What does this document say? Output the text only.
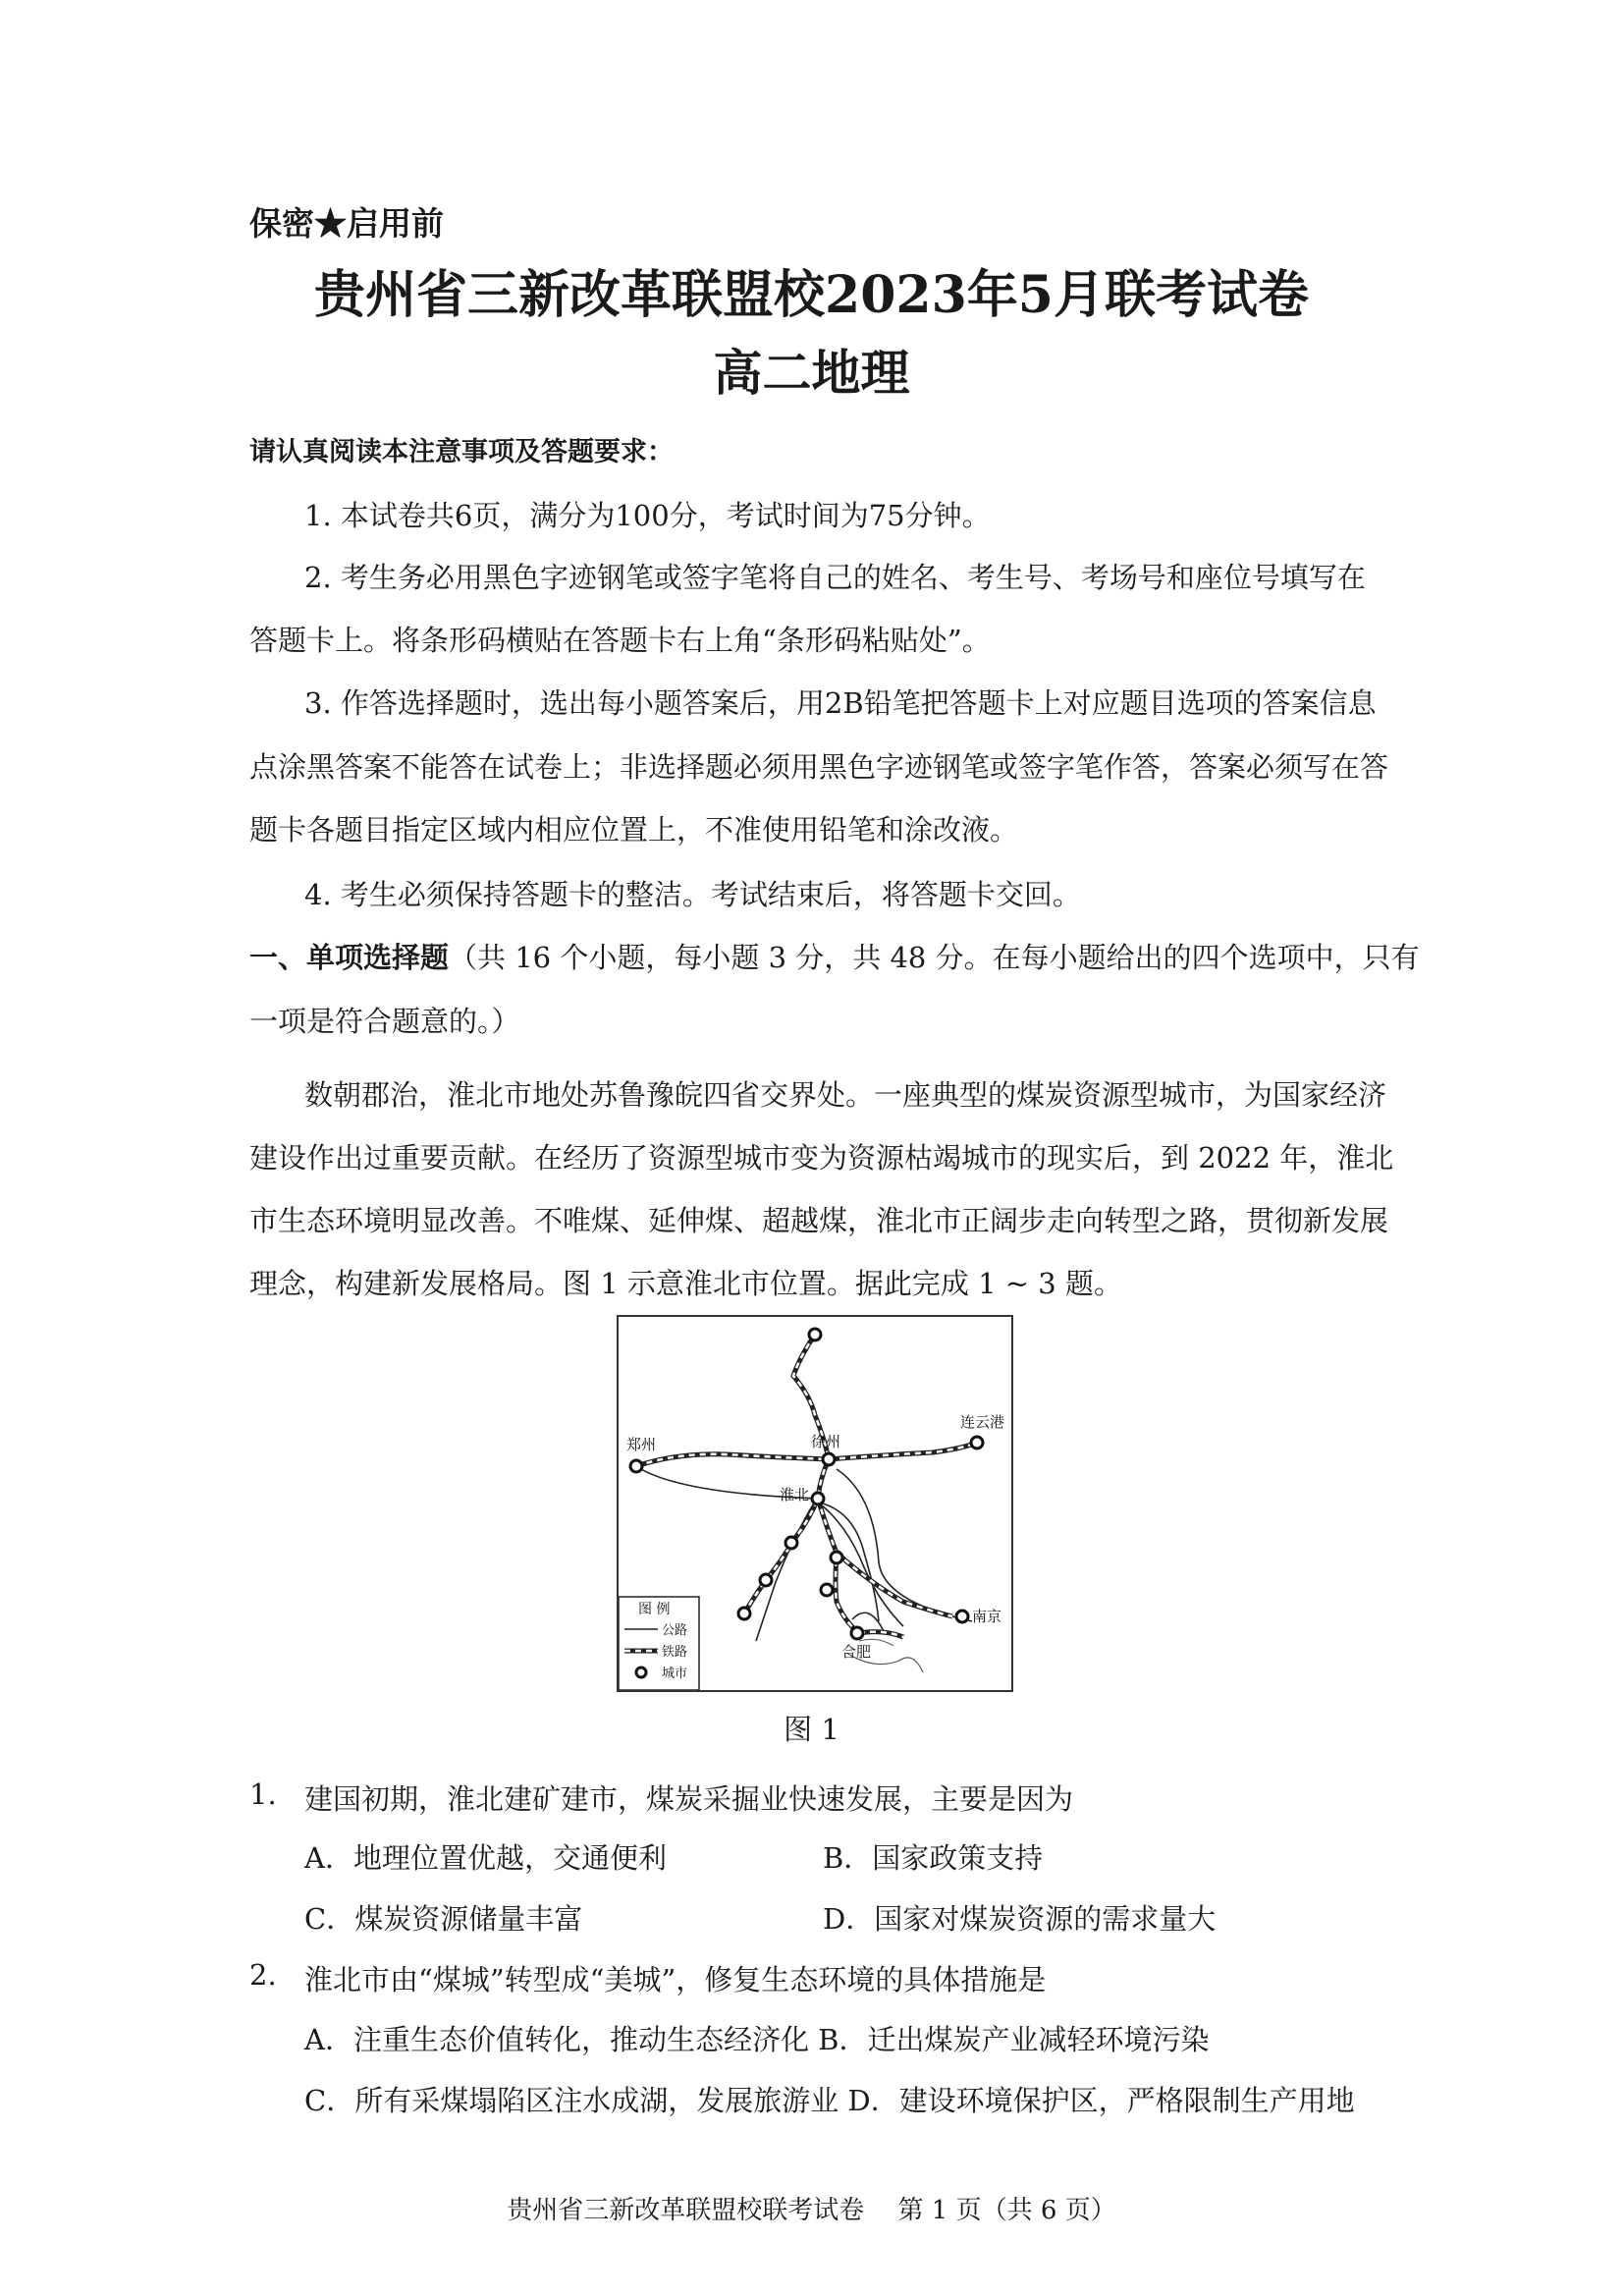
保密★启用前
贵州省三新改革联盟校2023年5月联考试卷
高二地理
请认真阅读本注意事项及答题要求：
1. 本试卷共6页，满分为100分，考试时间为75分钟。
2. 考生务必用黑色字迹钢笔或签字笔将自己的姓名、考生号、考场号和座位号填写在
答题卡上。将条形码横贴在答题卡右上角“条形码粘贴处”。
3. 作答选择题时，选出每小题答案后，用2B铅笔把答题卡上对应题目选项的答案信息
点涂黑答案不能答在试卷上；非选择题必须用黑色字迹钢笔或签字笔作答，答案必须写在答
题卡各题目指定区域内相应位置上，不准使用铅笔和涂改液。
4. 考生必须保持答题卡的整洁。考试结束后，将答题卡交回。
一、单项选择题（共 16 个小题，每小题 3 分，共 48 分。在每小题给出的四个选项中，只有
一项是符合题意的。）
数朝郡治，淮北市地处苏鲁豫皖四省交界处。一座典型的煤炭资源型城市，为国家经济
建设作出过重要贡献。在经历了资源型城市变为资源枯竭城市的现实后，到 2022 年，淮北
市生态环境明显改善。不唯煤、延伸煤、超越煤，淮北市正阔步走向转型之路，贯彻新发展
理念，构建新发展格局。图 1 示意淮北市位置。据此完成 1 ~ 3 题。
郑州	徐州
连云港
淮北
南京
合肥
图 例
公路
铁路
城市
图 1
1. 建国初期，淮北建矿建市，煤炭采掘业快速发展，主要是因为
A．地理位置优越，交通便利	B．国家政策支持
C．煤炭资源储量丰富	D．国家对煤炭资源的需求量大
2. 淮北市由“煤城”转型成“美城”，修复生态环境的具体措施是
A．注重生态价值转化，推动生态经济化 B．迁出煤炭产业减轻环境污染
C．所有采煤塌陷区注水成湖，发展旅游业 D．建设环境保护区，严格限制生产用地
贵州省三新改革联盟校联考试卷　 第 1 页（共 6 页）
